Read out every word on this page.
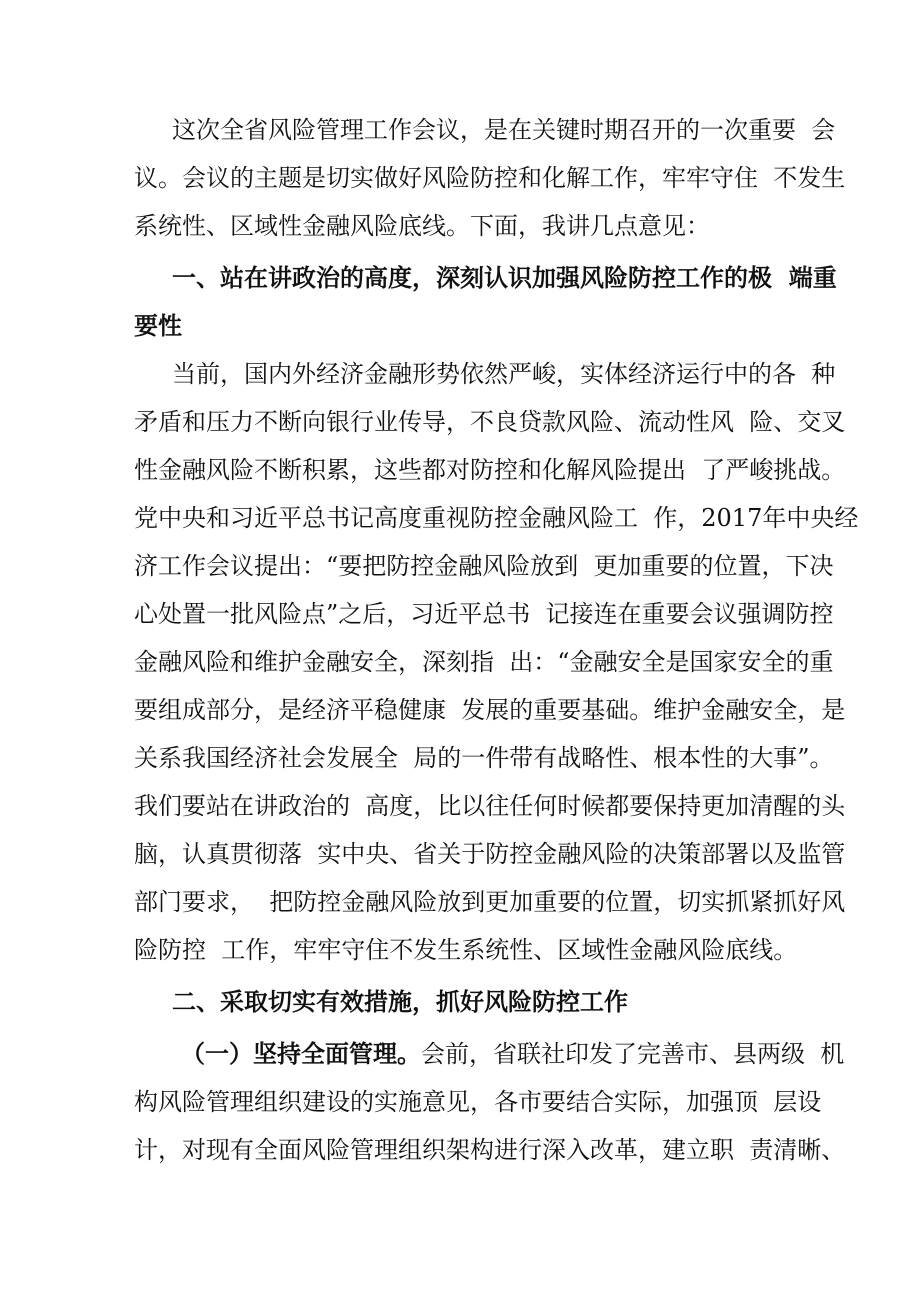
这次全省风险管理工作会议，是在关键时期召开的一次重要  会

议。会议的主题是切实做好风险防控和化解工作，牢牢守住  不发生

系统性、区域性金融风险底线。下面，我讲几点意见：

一、站在讲政治的高度，深刻认识加强风险防控工作的极  端重

要性

当前，国内外经济金融形势依然严峻，实体经济运行中的各  种

矛盾和压力不断向银行业传导，不良贷款风险、流动性风  险、交叉

性金融风险不断积累，这些都对防控和化解风险提出  了严峻挑战。

党中央和习近平总书记高度重视防控金融风险工  作，2017年中央经

济工作会议提出：“要把防控金融风险放到  更加重要的位置，下决

心处置一批风险点”之后，习近平总书  记接连在重要会议强调防控

金融风险和维护金融安全，深刻指  出：“金融安全是国家安全的重

要组成部分，是经济平稳健康  发展的重要基础。维护金融安全，是

关系我国经济社会发展全  局的一件带有战略性、根本性的大事”。

我们要站在讲政治的  高度，比以往任何时候都要保持更加清醒的头

脑，认真贯彻落  实中央、省关于防控金融风险的决策部署以及监管

部门要求，  把防控金融风险放到更加重要的位置，切实抓紧抓好风

险防控  工作，牢牢守住不发生系统性、区域性金融风险底线。

二、采取切实有效措施，抓好风险防控工作

（一）坚持全面管理。会前，省联社印发了完善市、县两级  机

构风险管理组织建设的实施意见，各市要结合实际，加强顶  层设

计，对现有全面风险管理组织架构进行深入改革，建立职  责清晰、
